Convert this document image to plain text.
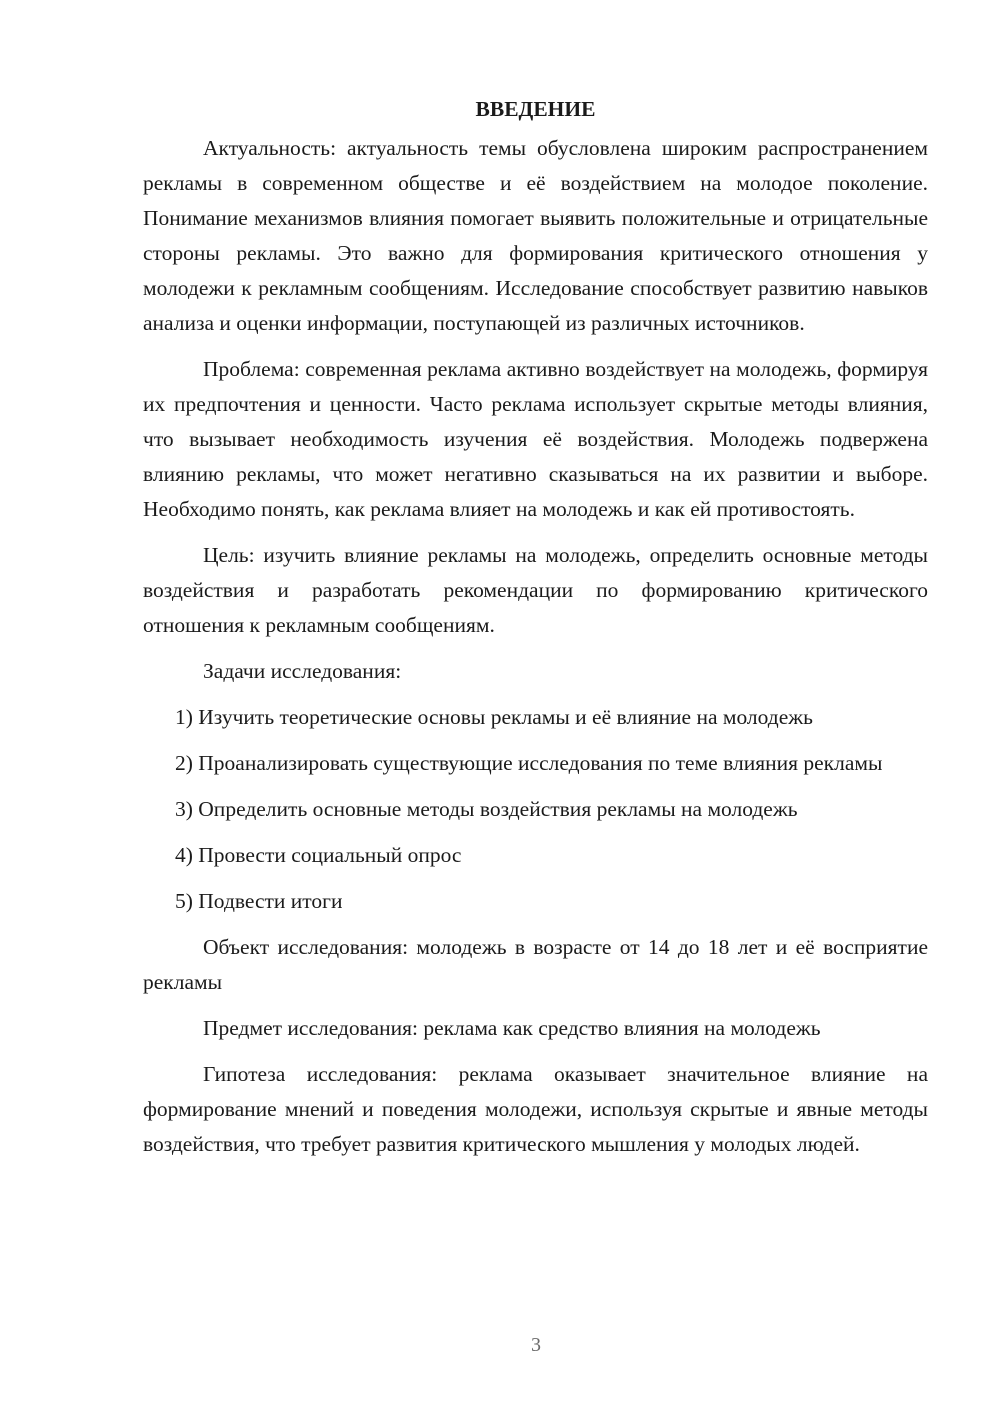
ВВЕДЕНИЕ

Актуальность: актуальность темы обусловлена широким распространением рекламы в современном обществе и её воздействием на молодое поколение. Понимание механизмов влияния помогает выявить положительные и отрицательные стороны рекламы. Это важно для формирования критического отношения у молодежи к рекламным сообщениям. Исследование способствует развитию навыков анализа и оценки информации, поступающей из различных источников.

Проблема: современная реклама активно воздействует на молодежь, формируя их предпочтения и ценности. Часто реклама использует скрытые методы влияния, что вызывает необходимость изучения её воздействия. Молодежь подвержена влиянию рекламы, что может негативно сказываться на их развитии и выборе. Необходимо понять, как реклама влияет на молодежь и как ей противостоять.

Цель: изучить влияние рекламы на молодежь, определить основные методы воздействия и разработать рекомендации по формированию критического отношения к рекламным сообщениям.

Задачи исследования:

1) Изучить теоретические основы рекламы и её влияние на молодежь

2) Проанализировать существующие исследования по теме влияния рекламы

3) Определить основные методы воздействия рекламы на молодежь

4) Провести социальный опрос

5) Подвести итоги

Объект исследования: молодежь в возрасте от 14 до 18 лет и её восприятие рекламы

Предмет исследования: реклама как средство влияния на молодежь

Гипотеза исследования: реклама оказывает значительное влияние на формирование мнений и поведения молодежи, используя скрытые и явные методы воздействия, что требует развития критического мышления у молодых людей.

3
